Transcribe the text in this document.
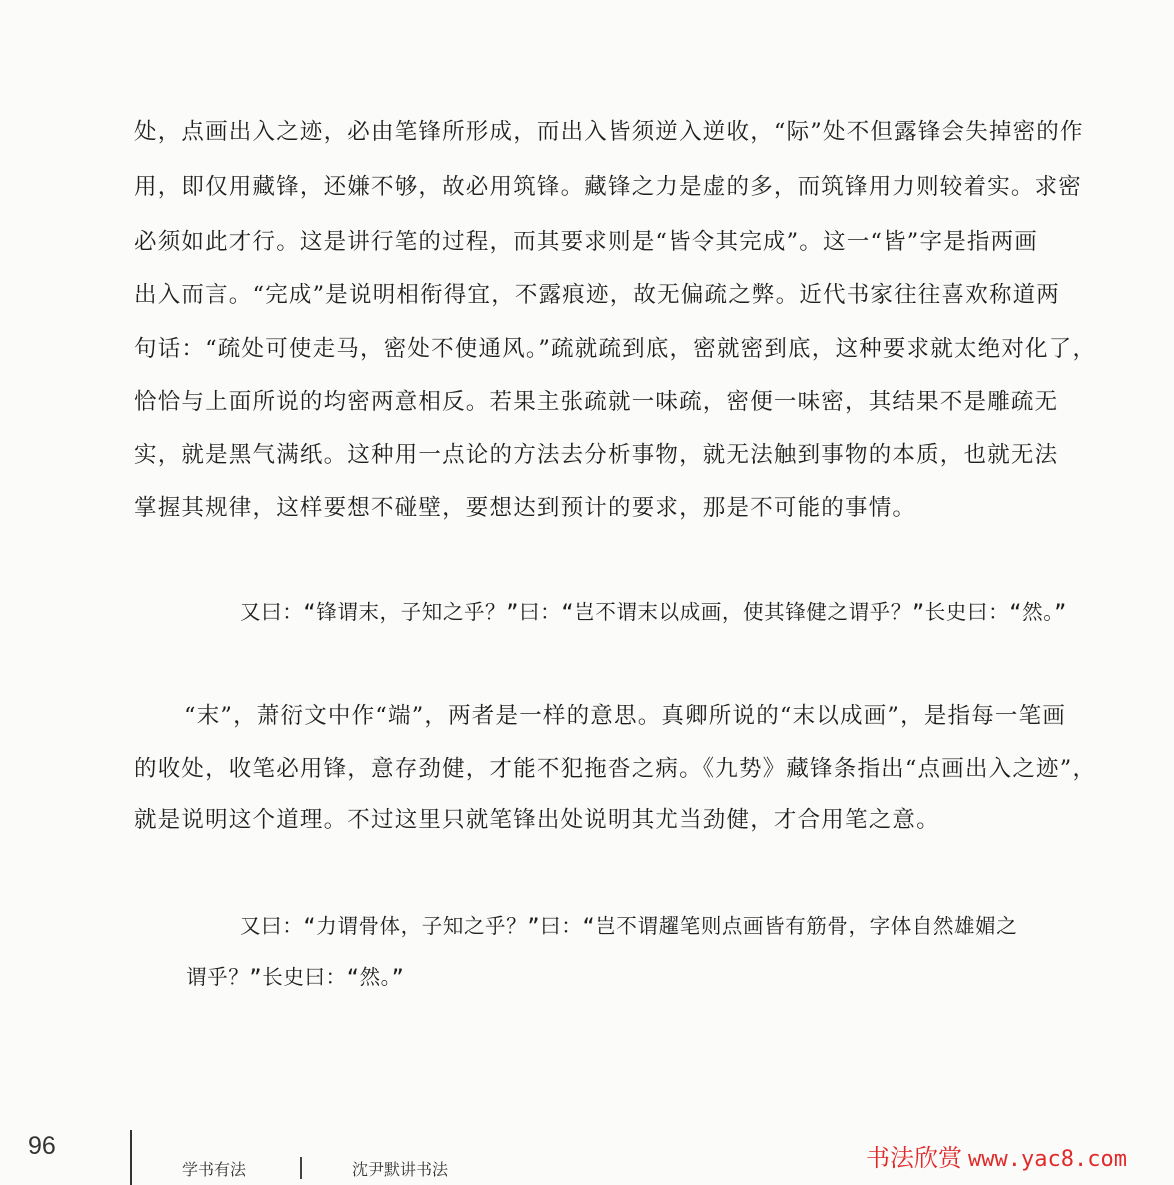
处，点画出入之迹，必由笔锋所形成，而出入皆须逆入逆收，“际”处不但露锋会失掉密的作
用，即仅用藏锋，还嫌不够，故必用筑锋。藏锋之力是虚的多，而筑锋用力则较着实。求密
必须如此才行。这是讲行笔的过程，而其要求则是“皆令其完成”。这一“皆”字是指两画
出入而言。“完成”是说明相衔得宜，不露痕迹，故无偏疏之弊。近代书家往往喜欢称道两
句话：“疏处可使走马，密处不使通风。”疏就疏到底，密就密到底，这种要求就太绝对化了，
恰恰与上面所说的均密两意相反。若果主张疏就一味疏，密便一味密，其结果不是雕疏无
实，就是黑气满纸。这种用一点论的方法去分析事物，就无法触到事物的本质，也就无法
掌握其规律，这样要想不碰壁，要想达到预计的要求，那是不可能的事情。
又曰：“锋谓末，子知之乎？”曰：“岂不谓末以成画，使其锋健之谓乎？”长史曰：“然。”
“末”，萧衍文中作“端”，两者是一样的意思。真卿所说的“末以成画”，是指每一笔画
的收处，收笔必用锋，意存劲健，才能不犯拖沓之病。《九势》藏锋条指出“点画出入之迹”，
就是说明这个道理。不过这里只就笔锋出处说明其尤当劲健，才合用笔之意。
又曰：“力谓骨体，子知之乎？”曰：“岂不谓趯笔则点画皆有筋骨，字体自然雄媚之
谓乎？”长史曰：“然。”
96
学书有法	沈尹默讲书法	书法欣赏 www.yac8.com
